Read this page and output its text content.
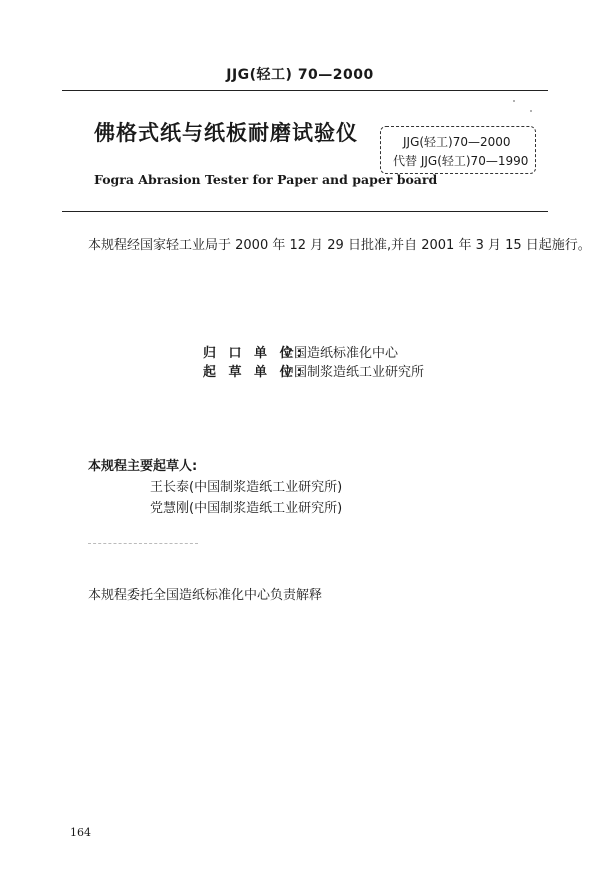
JJG(轻工) 70—2000
佛格式纸与纸板耐磨试验仪
Fogra Abrasion Tester for Paper and paper board
JJG(轻工)70—2000
代替 JJG(轻工)70—1990
本规程经国家轻工业局于 2000 年 12 月 29 日批准,并自 2001 年 3 月 15 日起施行。
归 口 单 位:全国造纸标准化中心
起 草 单 位:中国制浆造纸工业研究所
本规程主要起草人:
王长泰(中国制浆造纸工业研究所)
党慧刚(中国制浆造纸工业研究所)
本规程委托全国造纸标准化中心负责解释
164
